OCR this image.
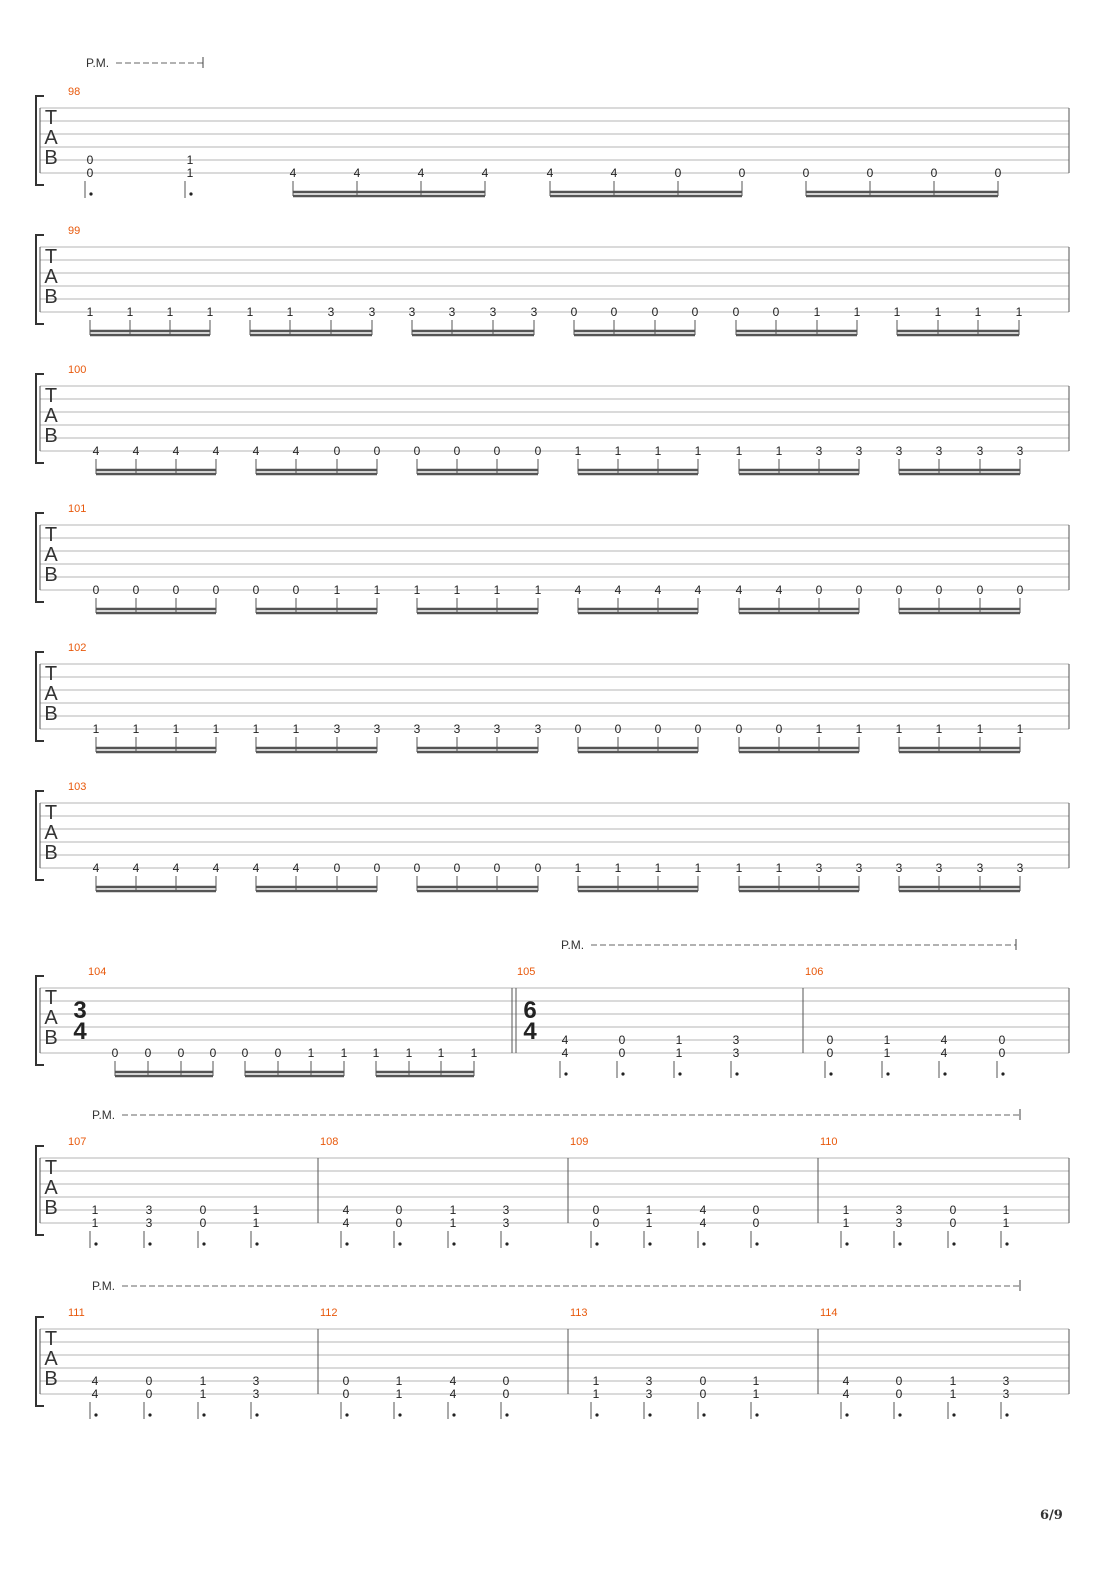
T
A
B
P.M.
98
0
0
1
1	4	4	4	4	4	4	0	0	0	0	0	0
T
A
B
99
1	1	1	1	1	1	3	3	3	3	3	3	0	0	0	0	0	0	1	1	1	1	1	1
T
A
B
100
4	4	4	4	4	4	0	0	0	0	0	0	1	1	1	1	1	1	3	3	3	3	3	3
T
A
B
101
0	0	0	0	0	0	1	1	1	1	1	1	4	4	4	4	4	4	0	0	0	0	0	0
T
A
B
102
1	1	1	1	1	1	3	3	3	3	3	3	0	0	0	0	0	0	1	1	1	1	1	1
T
A
B
103
4	4	4	4	4	4	0	0	0	0	0	0	1	1	1	1	1	1	3	3	3	3	3	3
T
A
B
P.M.
104
3
4
0 0 0 0 0 0 1 1 1 1 1 1
105
6
4 4
4
0
0
1
1
3
3
106
0
0
1
1
4
4
0
0
T
A
B
P.M.
107
1
1
3
3
0
0
1
1
108
4
4
0
0
1
1
3
3
109
0
0
1
1
4
4
0
0
110
1
1
3
3
0
0
1
1
T
A
B
P.M.
111
4
4
0
0
1
1
3
3
112
0
0
1
1
4
4
0
0
113
1
1
3
3
0
0
1
1
114
4
4
0
0
1
1
3
3
6/9
